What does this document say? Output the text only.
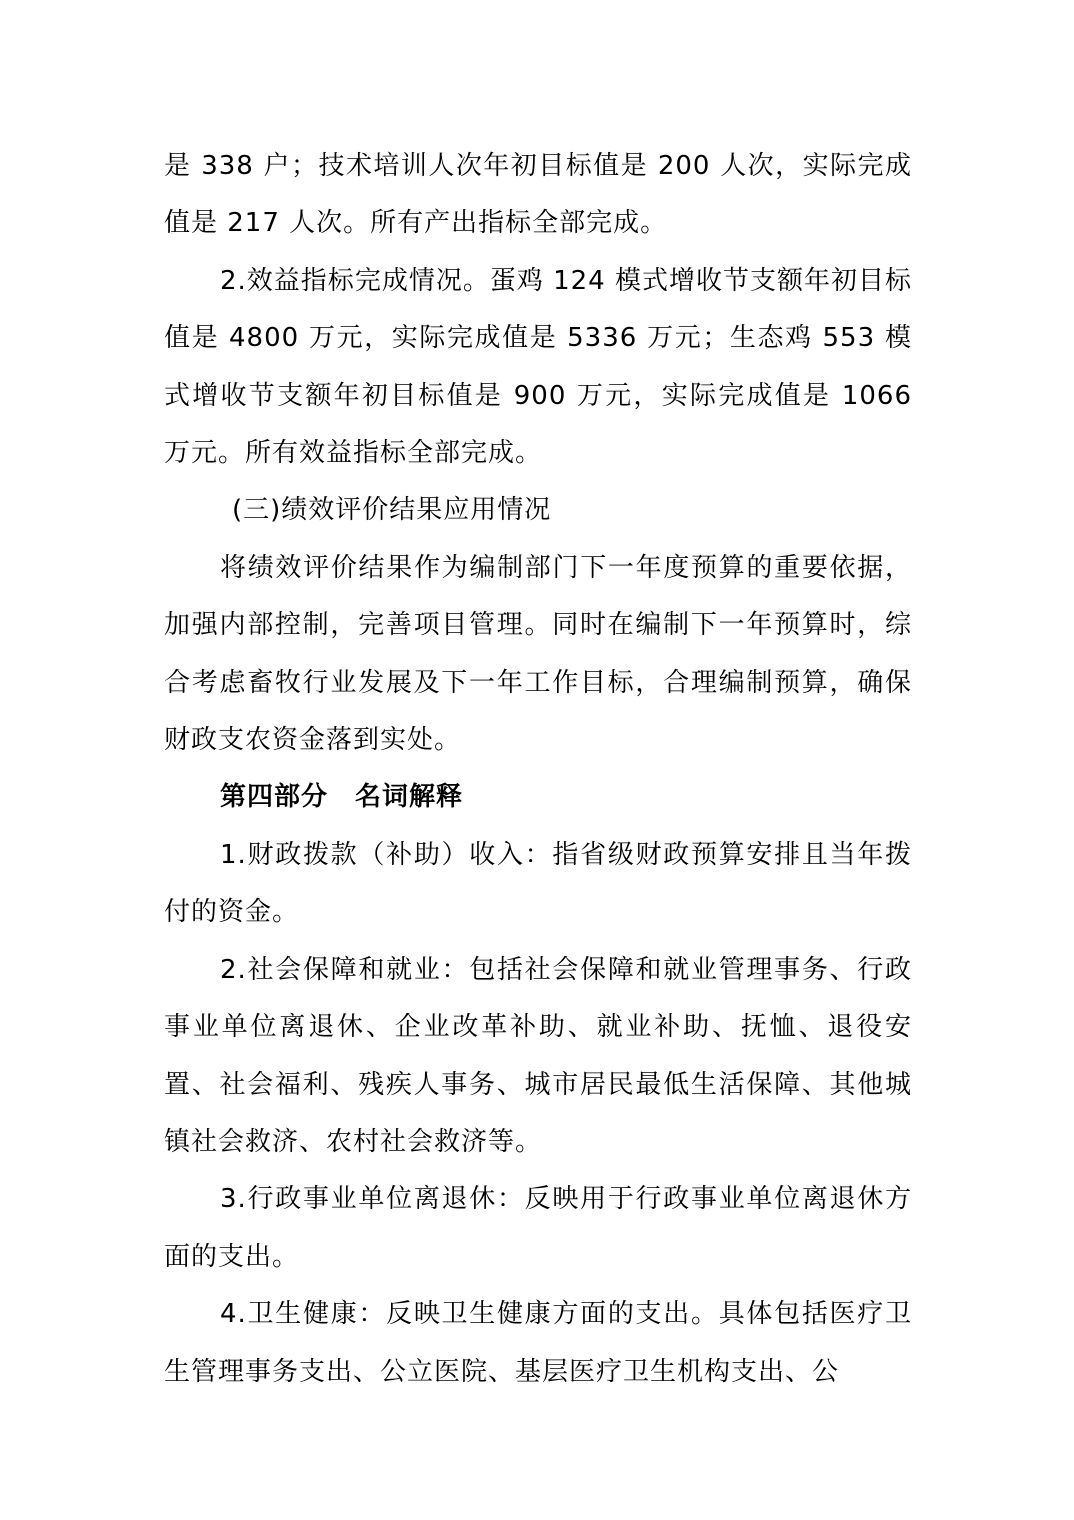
是 338 户；技术培训人次年初目标值是 200 人次，实际完成值是 217 人次。所有产出指标全部完成。

2.效益指标完成情况。蛋鸡 124 模式增收节支额年初目标值是 4800 万元，实际完成值是 5336 万元；生态鸡 553 模式增收节支额年初目标值是 900 万元，实际完成值是 1066 万元。所有效益指标全部完成。

(三)绩效评价结果应用情况

将绩效评价结果作为编制部门下一年度预算的重要依据，加强内部控制，完善项目管理。同时在编制下一年预算时，综合考虑畜牧行业发展及下一年工作目标，合理编制预算，确保财政支农资金落到实处。

第四部分　名词解释

1.财政拨款（补助）收入：指省级财政预算安排且当年拨付的资金。

2.社会保障和就业：包括社会保障和就业管理事务、行政事业单位离退休、企业改革补助、就业补助、抚恤、退役安置、社会福利、残疾人事务、城市居民最低生活保障、其他城镇社会救济、农村社会救济等。

3.行政事业单位离退休：反映用于行政事业单位离退休方面的支出。

4.卫生健康：反映卫生健康方面的支出。具体包括医疗卫生管理事务支出、公立医院、基层医疗卫生机构支出、公
